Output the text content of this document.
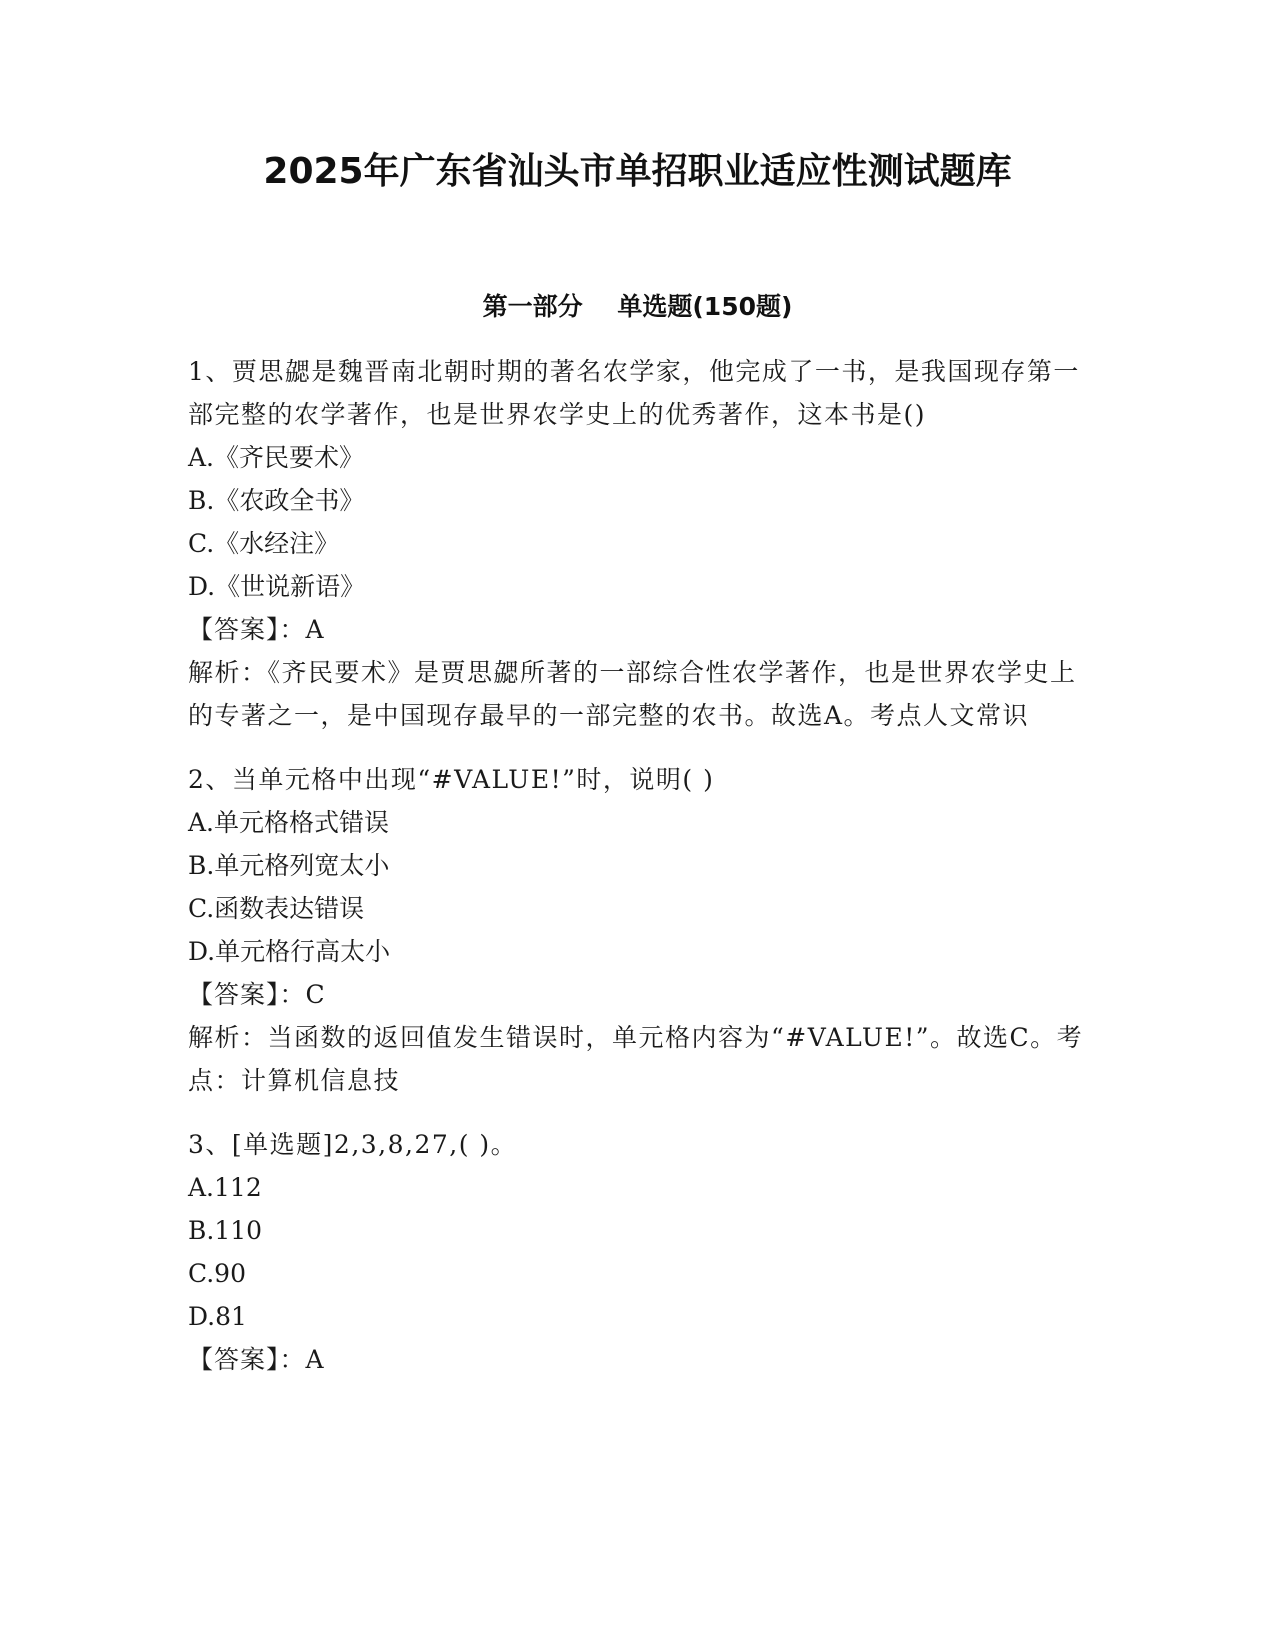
2025年广东省汕头市单招职业适应性测试题库
第一部分    单选题(150题)
1、贾思勰是魏晋南北朝时期的著名农学家，他完成了一书，是我国现存第一部完整的农学著作，也是世界农学史上的优秀著作，这本书是()
A.《齐民要术》
B.《农政全书》
C.《水经注》
D.《世说新语》
【答案】：A
解析：《齐民要术》是贾思勰所著的一部综合性农学著作，也是世界农学史上的专著之一，是中国现存最早的一部完整的农书。故选A。考点人文常识
2、当单元格中出现“#VALUE!”时，说明( )
A.单元格格式错误
B.单元格列宽太小
C.函数表达错误
D.单元格行高太小
【答案】：C
解析：当函数的返回值发生错误时，单元格内容为“#VALUE!”。故选C。考点：计算机信息技
3、[单选题]2,3,8,27,( )。
A.112
B.110
C.90
D.81
【答案】：A
